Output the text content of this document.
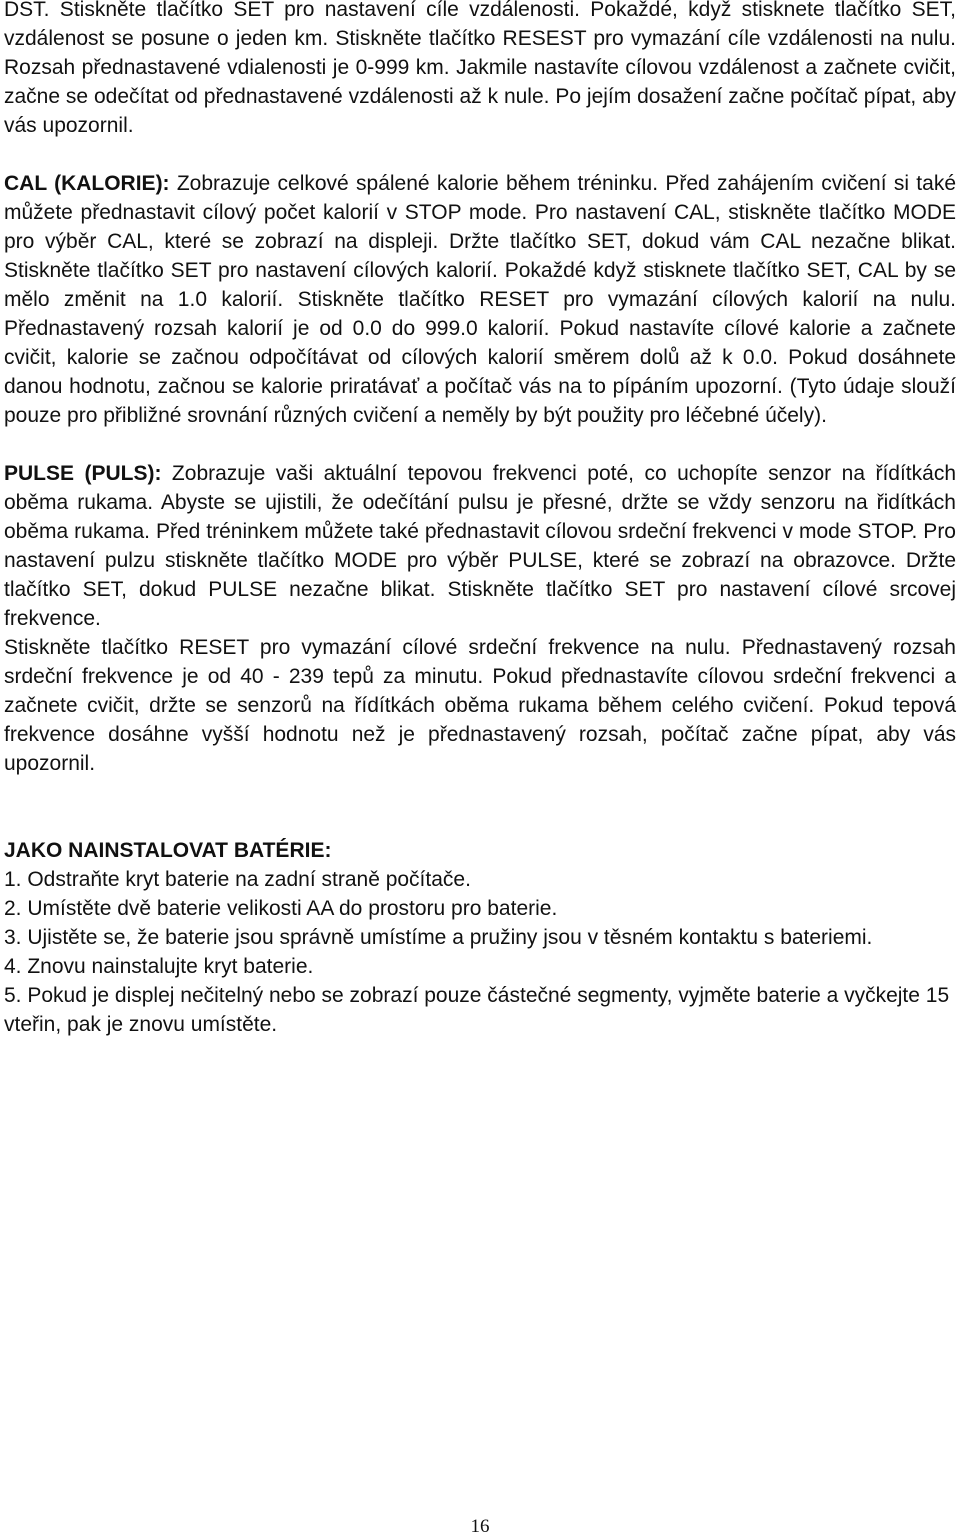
DST. Stiskněte tlačítko SET pro nastavení cíle vzdálenosti. Pokaždé, když stisknete tlačítko SET, vzdálenost se posune o jeden km. Stiskněte tlačítko RESEST pro vymazání cíle vzdálenosti na nulu. Rozsah přednastavené vdialenosti je 0-999 km. Jakmile nastavíte cílovou vzdálenost a začnete cvičit, začne se odečítat od přednastavené vzdálenosti až k nule. Po jejím dosažení začne počítač pípat, aby vás upozornil.

CAL (KALORIE): Zobrazuje celkové spálené kalorie během tréninku. Před zahájením cvičení si také můžete přednastavit cílový počet kalorií v STOP mode. Pro nastavení CAL, stiskněte tlačítko MODE pro výběr CAL, které se zobrazí na displeji. Držte tlačítko SET, dokud vám CAL nezačne blikat. Stiskněte tlačítko SET pro nastavení cílových kalorií. Pokaždé když stisknete tlačítko SET, CAL by se mělo změnit na 1.0 kalorií. Stiskněte tlačítko RESET pro vymazání cílových kalorií na nulu. Přednastavený rozsah kalorií je od 0.0 do 999.0 kalorií. Pokud nastavíte cílové kalorie a začnete cvičit, kalorie se začnou odpočítávat od cílových kalorií směrem dolů až k 0.0. Pokud dosáhnete danou hodnotu, začnou se kalorie priratávať a počítač vás na to pípáním upozorní. (Tyto údaje slouží pouze pro přibližné srovnání různých cvičení a neměly by být použity pro léčebné účely).

PULSE (PULS): Zobrazuje vaši aktuální tepovou frekvenci poté, co uchopíte senzor na řídítkách oběma rukama. Abyste se ujistili, že odečítání pulsu je přesné, držte se vždy senzoru na řidítkách oběma rukama. Před tréninkem můžete také přednastavit cílovou srdeční frekvenci v mode STOP. Pro nastavení pulzu stiskněte tlačítko MODE pro výběr PULSE, které se zobrazí na obrazovce. Držte tlačítko SET, dokud PULSE nezačne blikat. Stiskněte tlačítko SET pro nastavení cílové srcovej frekvence.

Stiskněte tlačítko RESET pro vymazání cílové srdeční frekvence na nulu. Přednastavený rozsah srdeční frekvence je od 40 - 239 tepů za minutu. Pokud přednastavíte cílovou srdeční frekvenci a začnete cvičit, držte se senzorů na řídítkách oběma rukama během celého cvičení. Pokud tepová frekvence dosáhne vyšší hodnotu než je přednastavený rozsah, počítač začne pípat, aby vás upozornil.

JAKO NAINSTALOVAT BATÉRIE:

1. Odstraňte kryt baterie na zadní straně počítače.
2. Umístěte dvě baterie velikosti AA do prostoru pro baterie.
3. Ujistěte se, že baterie jsou správně umístíme a pružiny jsou v těsném kontaktu s bateriemi.
4. Znovu nainstalujte kryt baterie.
5. Pokud je displej nečitelný nebo se zobrazí pouze částečné segmenty, vyjměte baterie a vyčkejte 15 vteřin, pak je znovu umístěte.
16
